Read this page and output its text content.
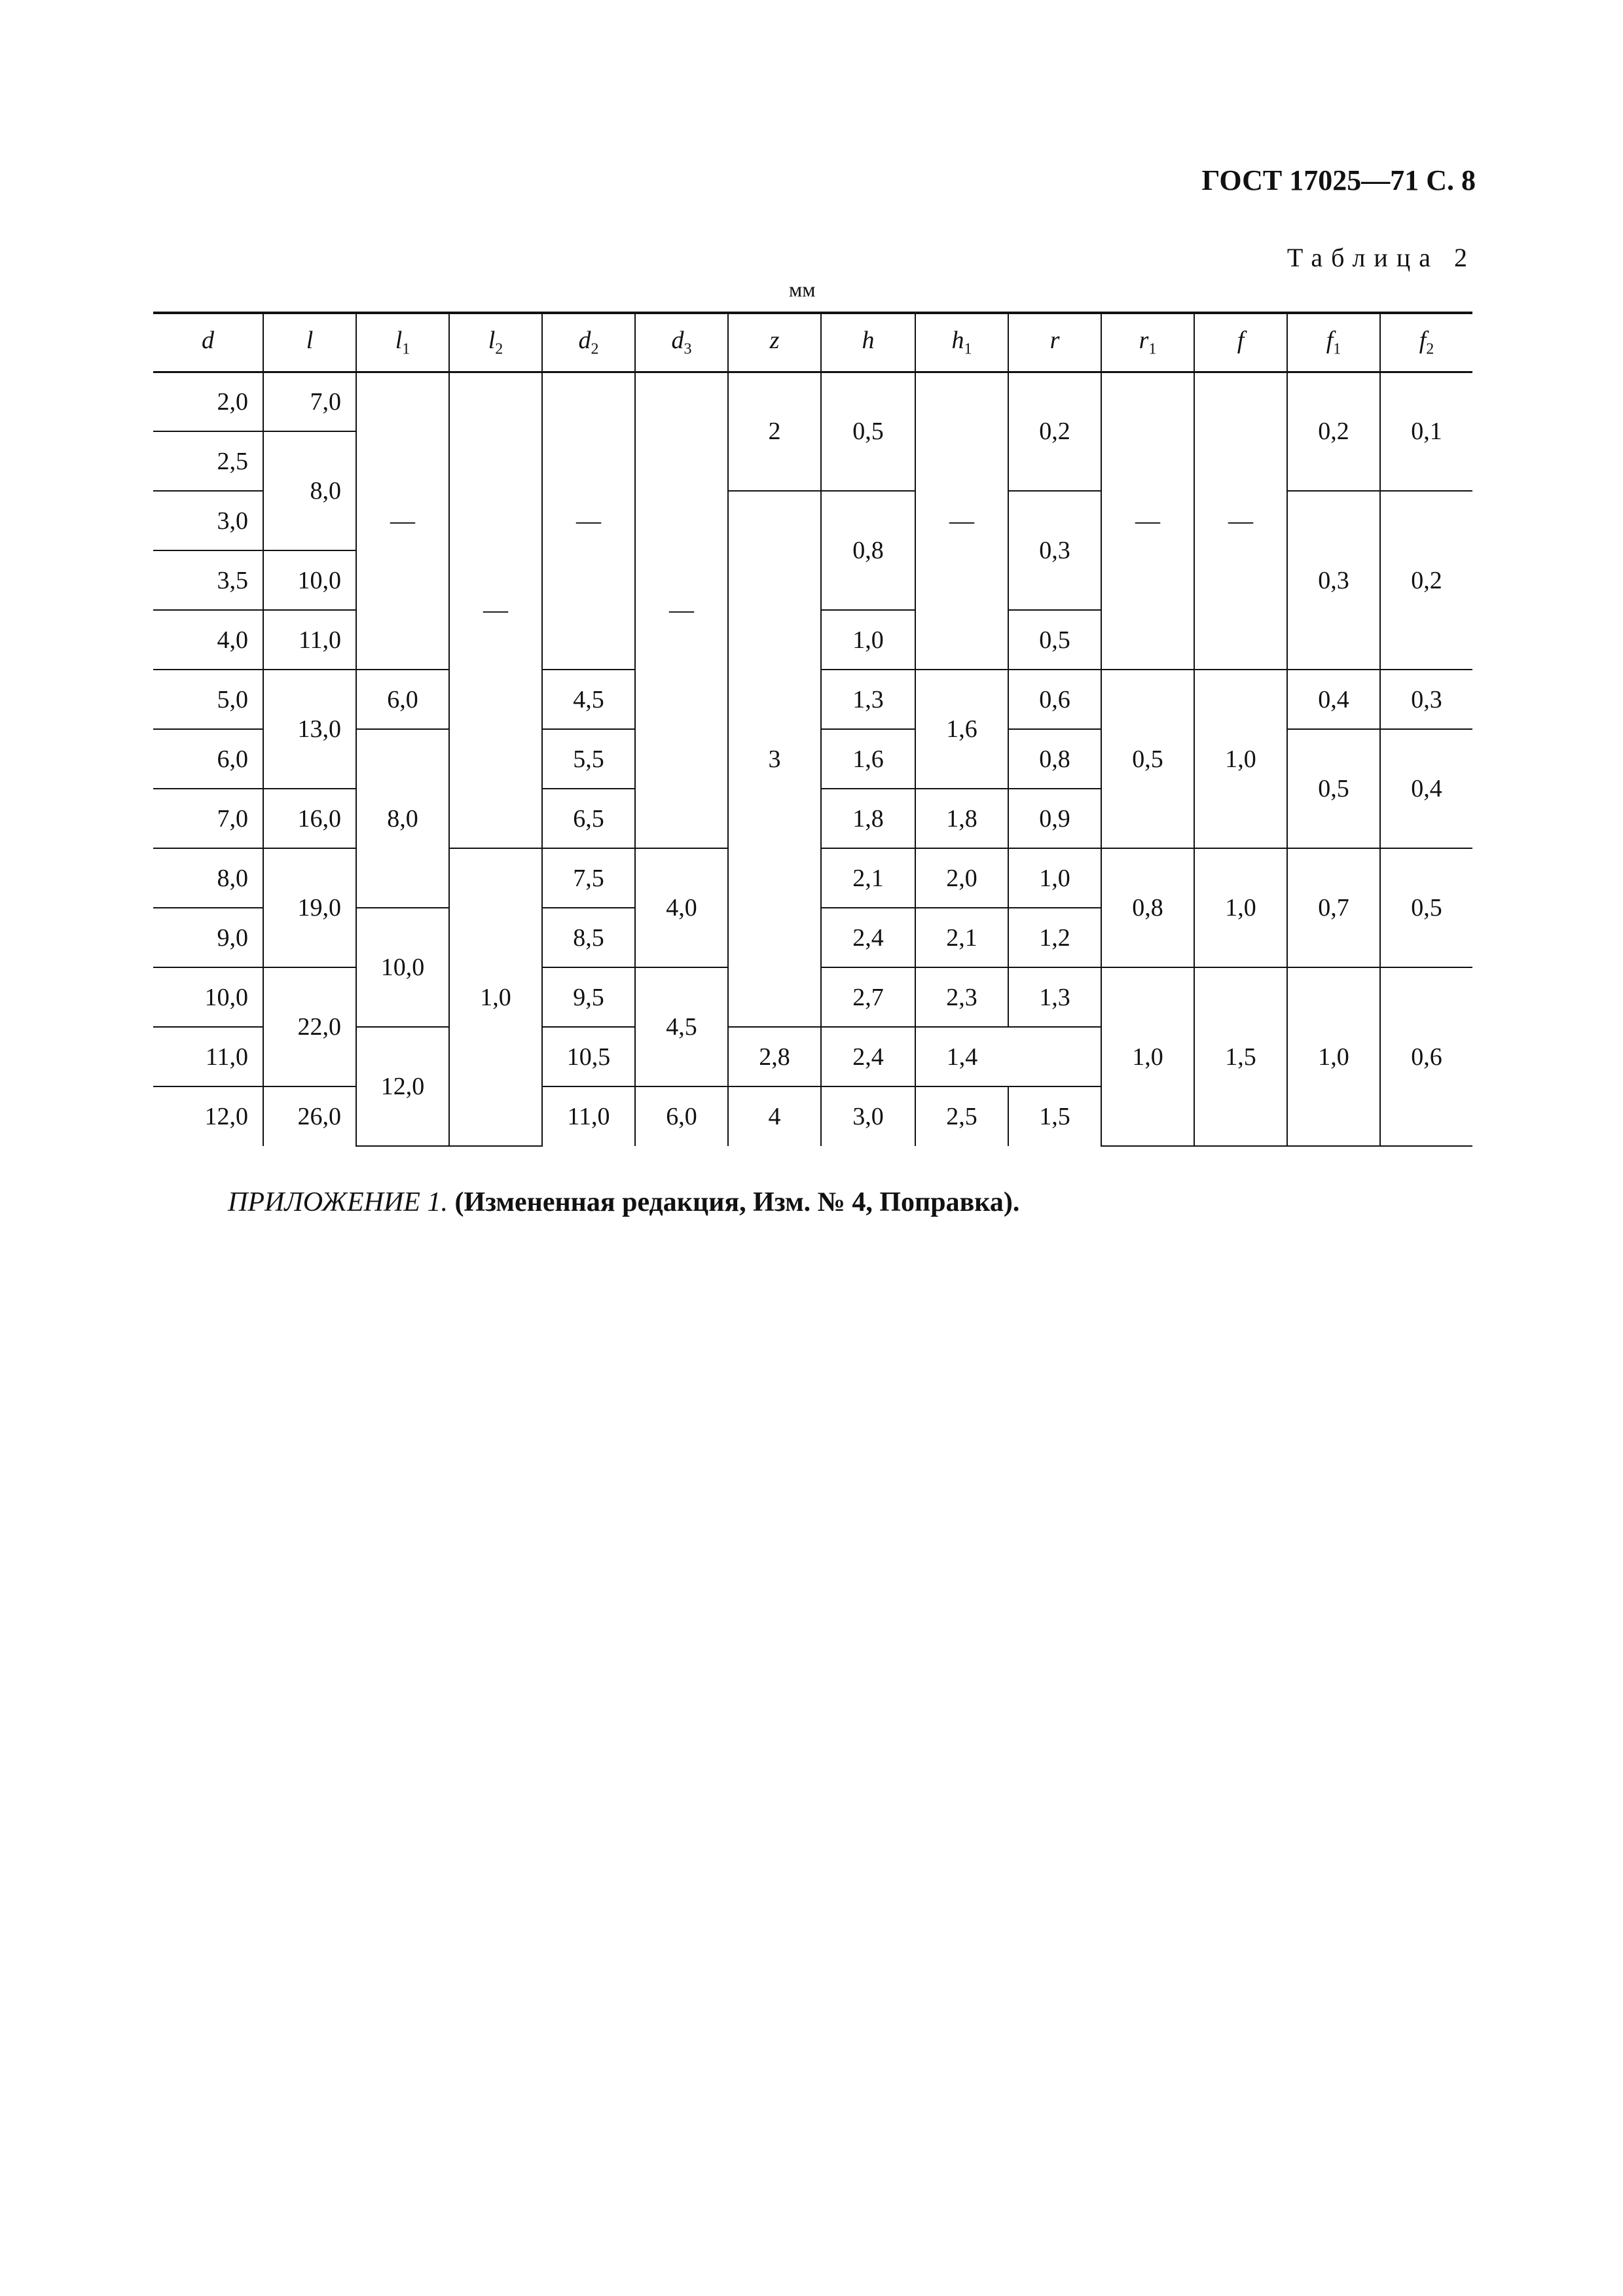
ГОСТ 17025—71 С. 8
Таблица 2
мм
d	l	$l_1$	$l_2$	$d_2$	$d_3$	z	h	$h_1$	r	$r_1$	f	$f_1$	$f_2$
2,0	7,0	—	—	—	—	2	0,5	—	0,2	—	—	0,2	0,1
2,5	8,0												
3,0						3	0,8		0,3			0,3	0,2
3,5	10,0												
4,0	11,0						1,0		0,5				
5,0	13,0	6,0		4,5			1,3	1,6	0,6	0,5	1,0	0,4	0,3
6,0		8,0		5,5			1,6		0,8			0,5	0,4
7,0	16,0			6,5			1,8	1,8	0,9				
8,0	19,0		1,0	7,5	4,0		2,1	2,0	1,0	0,8	1,0	0,7	0,5
9,0		10,0		8,5			2,4	2,1	1,2				
10,0	22,0			9,5	4,5		2,7	2,3	1,3	1,0	1,5	1,0	0,6
11,0		12,0		10,5		2,8	2,4	1,4					
12,0	26,0			11,0	6,0	4	3,0	2,5	1,5				
ПРИЛОЖЕНИЕ 1. (Измененная редакция, Изм. № 4, Поправка).
